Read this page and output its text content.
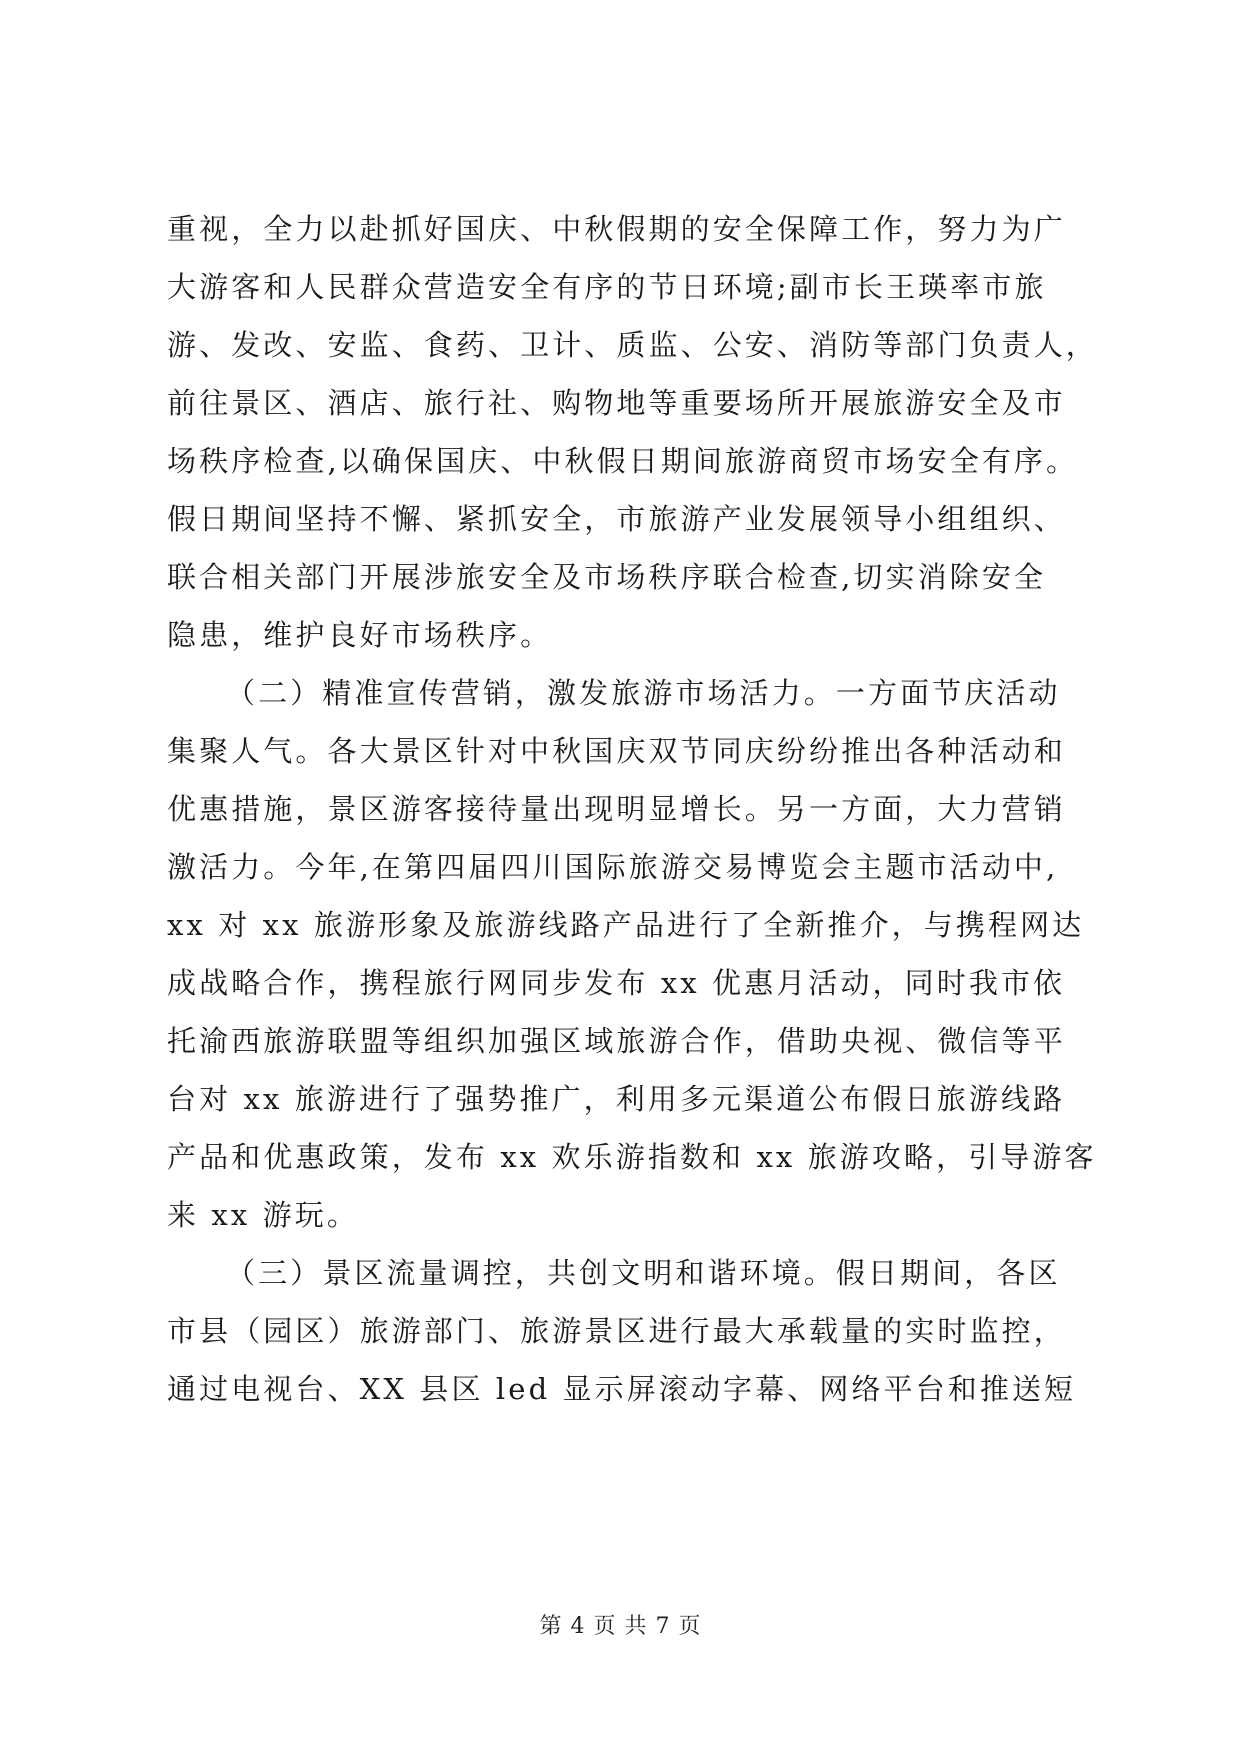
重视，全力以赴抓好国庆、中秋假期的安全保障工作，努力为广
大游客和人民群众营造安全有序的节日环境;副市长王瑛率市旅
游、发改、安监、食药、卫计、质监、公安、消防等部门负责人，
前往景区、酒店、旅行社、购物地等重要场所开展旅游安全及市
场秩序检查,以确保国庆、中秋假日期间旅游商贸市场安全有序。
假日期间坚持不懈、紧抓安全，市旅游产业发展领导小组组织、
联合相关部门开展涉旅安全及市场秩序联合检查,切实消除安全
隐患，维护良好市场秩序。
（二）精准宣传营销，激发旅游市场活力。一方面节庆活动
集聚人气。各大景区针对中秋国庆双节同庆纷纷推出各种活动和
优惠措施，景区游客接待量出现明显增长。另一方面，大力营销
激活力。今年,在第四届四川国际旅游交易博览会主题市活动中,
xx 对 xx 旅游形象及旅游线路产品进行了全新推介，与携程网达
成战略合作，携程旅行网同步发布 xx 优惠月活动，同时我市依
托渝西旅游联盟等组织加强区域旅游合作，借助央视、微信等平
台对 xx 旅游进行了强势推广，利用多元渠道公布假日旅游线路
产品和优惠政策，发布 xx 欢乐游指数和 xx 旅游攻略，引导游客
来 xx 游玩。
（三）景区流量调控，共创文明和谐环境。假日期间，各区
市县（园区）旅游部门、旅游景区进行最大承载量的实时监控，
通过电视台、XX 县区 led 显示屏滚动字幕、网络平台和推送短
第 4 页 共 7 页
